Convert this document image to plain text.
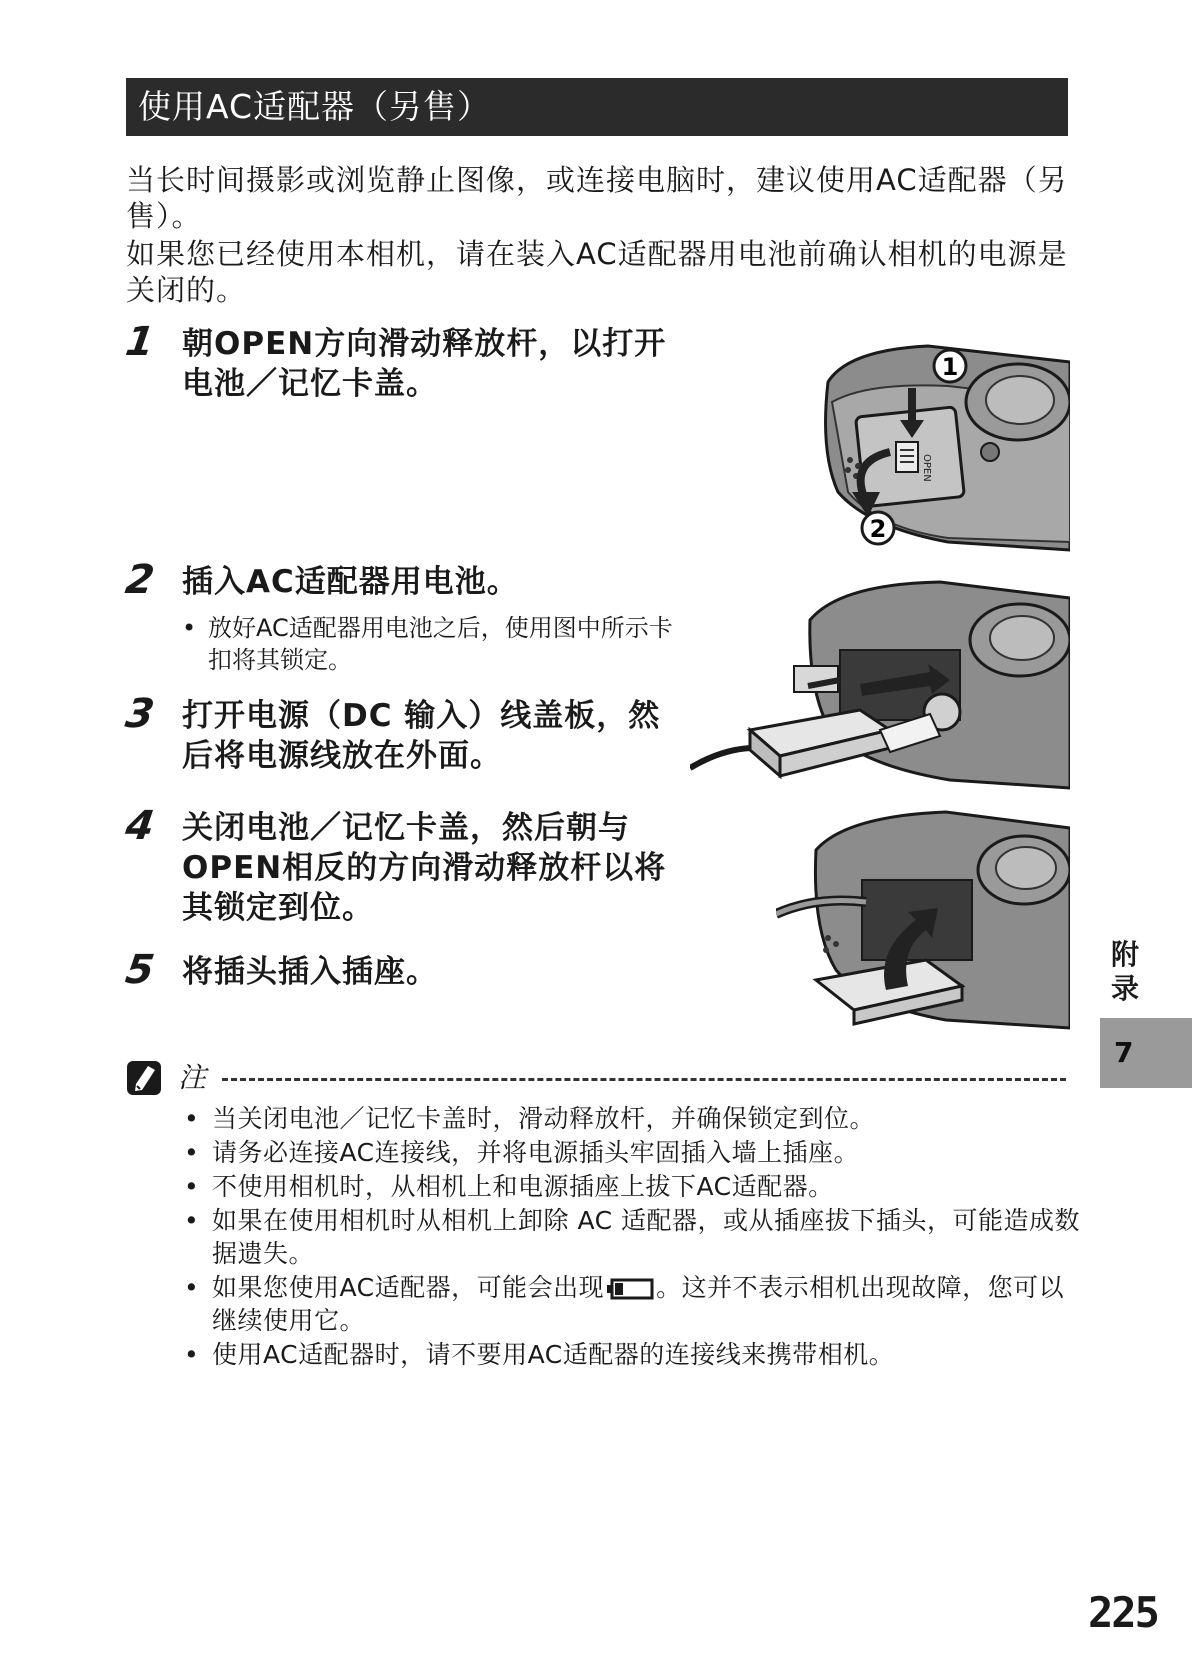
使用AC适配器（另售）

当长时间摄影或浏览静止图像，或连接电脑时，建议使用AC适配器（另售）。

如果您已经使用本相机，请在装入AC适配器用电池前确认相机的电源是关闭的。

1 朝OPEN方向滑动释放杆，以打开电池／记忆卡盖。
2 插入AC适配器用电池。
• 放好AC适配器用电池之后，使用图中所示卡扣将其锁定。
3 打开电源（DC 输入）线盖板，然后将电源线放在外面。
4 关闭电池／记忆卡盖，然后朝与OPEN相反的方向滑动释放杆以将其锁定到位。
5 将插头插入插座。
OPEN
1
2
注
• 当关闭电池／记忆卡盖时，滑动释放杆，并确保锁定到位。
• 请务必连接AC连接线，并将电源插头牢固插入墙上插座。
• 不使用相机时，从相机上和电源插座上拔下AC适配器。
• 如果在使用相机时从相机上卸除 AC 适配器，或从插座拔下插头，可能造成数据遗失。
• 如果您使用AC适配器，可能会出现 。这并不表示相机出现故障，您可以继续使用它。
• 使用AC适配器时，请不要用AC适配器的连接线来携带相机。
附录
7
225
